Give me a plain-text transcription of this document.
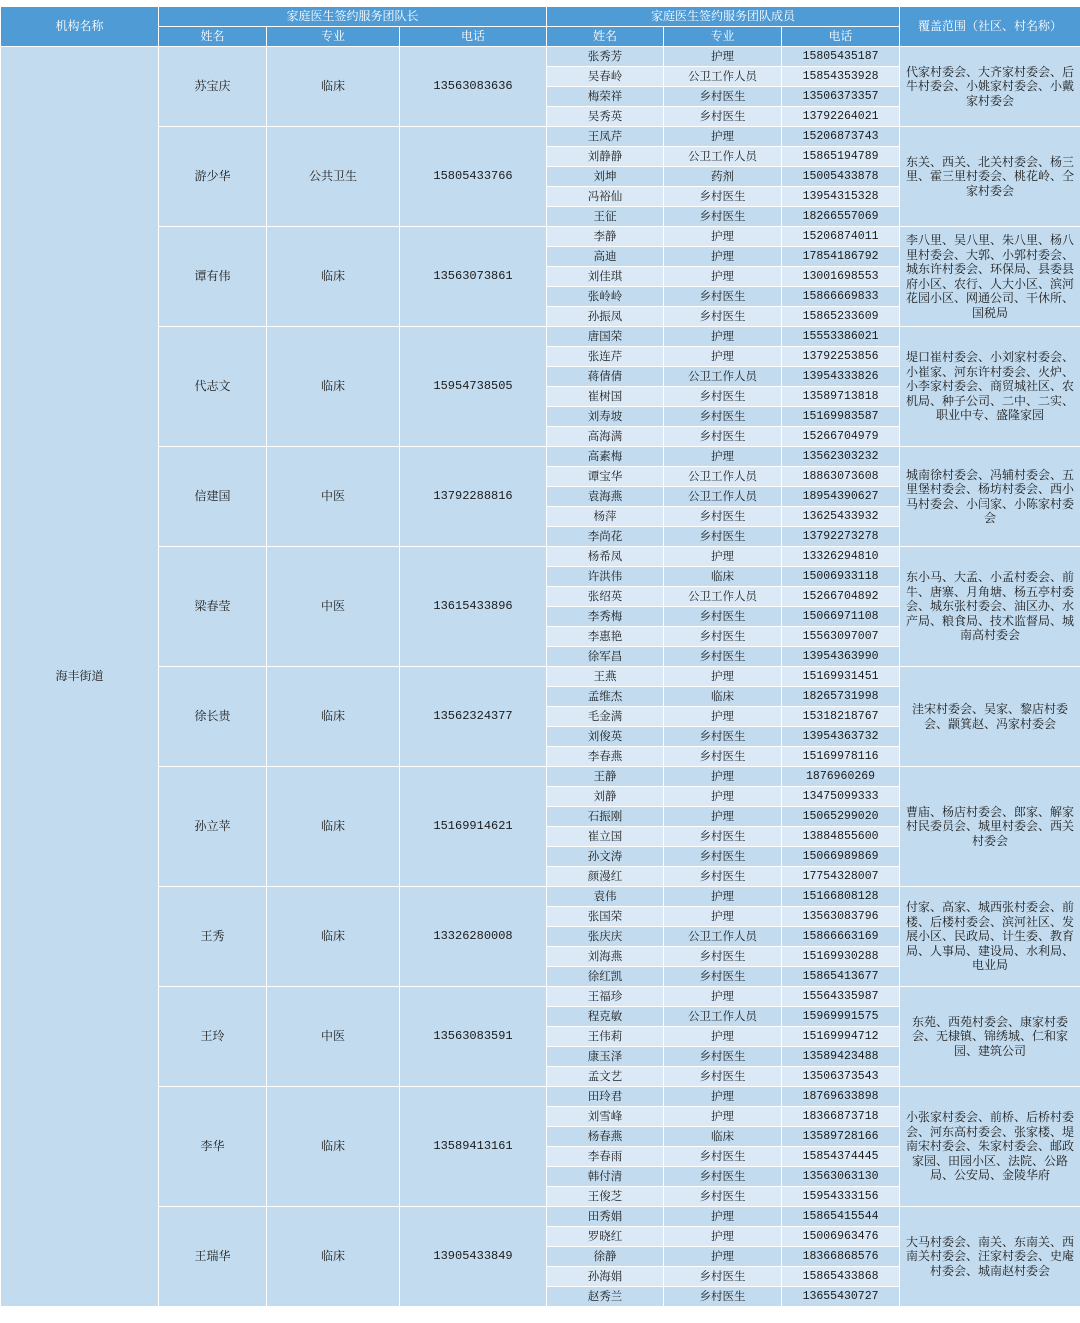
机构名称	家庭医生签约服务团队长			家庭医生签约服务团队成员			覆盖范围（社区、村名称）
	姓名	专业	电话	姓名	专业	电话	
海丰街道	苏宝庆	临床	13563083636	张秀芳	护理	15805435187	代家村委会、大齐家村委会、后牛村委会、小姚家村委会、小戴家村委会
				吴春岭	公卫工作人员	15854353928	
				梅荣祥	乡村医生	13506373357	
				吴秀英	乡村医生	13792264021	
	游少华	公共卫生	15805433766	王凤芹	护理	15206873743	东关、西关、北关村委会、杨三里、霍三里村委会、桃花岭、仝家村委会
				刘静静	公卫工作人员	15865194789	
				刘坤	药剂	15005433878	
				冯裕仙	乡村医生	13954315328	
				王征	乡村医生	18266557069	
	谭有伟	临床	13563073861	李静	护理	15206874011	李八里、吴八里、朱八里、杨八里村委会、大郭、小郭村委会、城东许村委会、环保局、县委县府小区、农行、人大小区、滨河花园小区、网通公司、干休所、国税局
				高迪	护理	17854186792	
				刘佳琪	护理	13001698553	
				张岭岭	乡村医生	15866669833	
				孙振凤	乡村医生	15865233609	
	代志文	临床	15954738505	唐国荣	护理	15553386021	堤口崔村委会、小刘家村委会、小崔家、河东许村委会、火炉、小李家村委会、商贸城社区、农机局、种子公司、二中、二实、职业中专、盛隆家园
				张连芹	护理	13792253856	
				蒋倩倩	公卫工作人员	13954333826	
				崔树国	乡村医生	13589713818	
				刘寿坡	乡村医生	15169983587	
				高海满	乡村医生	15266704979	
	信建国	中医	13792288816	高素梅	护理	13562303232	城南徐村委会、冯辅村委会、五里堡村委会、杨坊村委会、西小马村委会、小闫家、小陈家村委会
				谭宝华	公卫工作人员	18863073608	
				袁海燕	公卫工作人员	18954390627	
				杨萍	乡村医生	13625433932	
				李尚花	乡村医生	13792273278	
	梁春莹	中医	13615433896	杨希凤	护理	13326294810	东小马、大孟、小孟村委会、前牛、唐寨、月角塘、杨五亭村委会、城东张村委会、油区办、水产局、粮食局、技术监督局、城南高村委会
				许洪伟	临床	15006933118	
				张绍英	公卫工作人员	15266704892	
				李秀梅	乡村医生	15066971108	
				李惠艳	乡村医生	15563097007	
				徐军昌	乡村医生	13954363990	
	徐长贵	临床	13562324377	王燕	护理	15169931451	洼宋村委会、吴家、黎店村委会、颛箕赵、冯家村委会
				孟维杰	临床	18265731998	
				毛金满	护理	15318218767	
				刘俊英	乡村医生	13954363732	
				李春燕	乡村医生	15169978116	
	孙立苹	临床	15169914621	王静	护理	1876960269	曹庙、杨店村委会、郎家、解家村民委员会、城里村委会、西关村委会
				刘静	护理	13475099333	
				石振刚	护理	15065299020	
				崔立国	乡村医生	13884855600	
				孙文涛	乡村医生	15066989869	
				颜漫红	乡村医生	17754328007	
	王秀	临床	13326280008	袁伟	护理	15166808128	付家、高家、城西张村委会、前楼、后楼村委会、滨河社区、发展小区、民政局、计生委、教育局、人事局、建设局、水利局、电业局
				张国荣	护理	13563083796	
				张庆庆	公卫工作人员	15866663169	
				刘海燕	乡村医生	15169930288	
				徐红凯	乡村医生	15865413677	
	王玲	中医	13563083591	王福珍	护理	15564335987	东苑、西苑村委会、康家村委会、无棣镇、锦绣城、仁和家园、建筑公司
				程克敏	公卫工作人员	15969991575	
				王伟莉	护理	15169994712	
				康玉泽	乡村医生	13589423488	
				孟文艺	乡村医生	13506373543	
	李华	临床	13589413161	田玲君	护理	18769633898	小张家村委会、前桥、后桥村委会、河东高村委会、张家楼、堤南宋村委会、朱家村委会、邮政家园、田园小区、法院、公路局、公安局、金陵华府
				刘雪峰	护理	18366873718	
				杨春燕	临床	13589728166	
				李春雨	乡村医生	15854374445	
				韩付清	乡村医生	13563063130	
				王俊芝	乡村医生	15954333156	
	王瑞华	临床	13905433849	田秀娟	护理	15865415544	大马村委会、南关、东南关、西南关村委会、汪家村委会、史庵村委会、城南赵村委会
				罗晓红	护理	15006963476	
				徐静	护理	18366868576	
				孙海娟	乡村医生	15865433868	
				赵秀兰	乡村医生	13655430727	
